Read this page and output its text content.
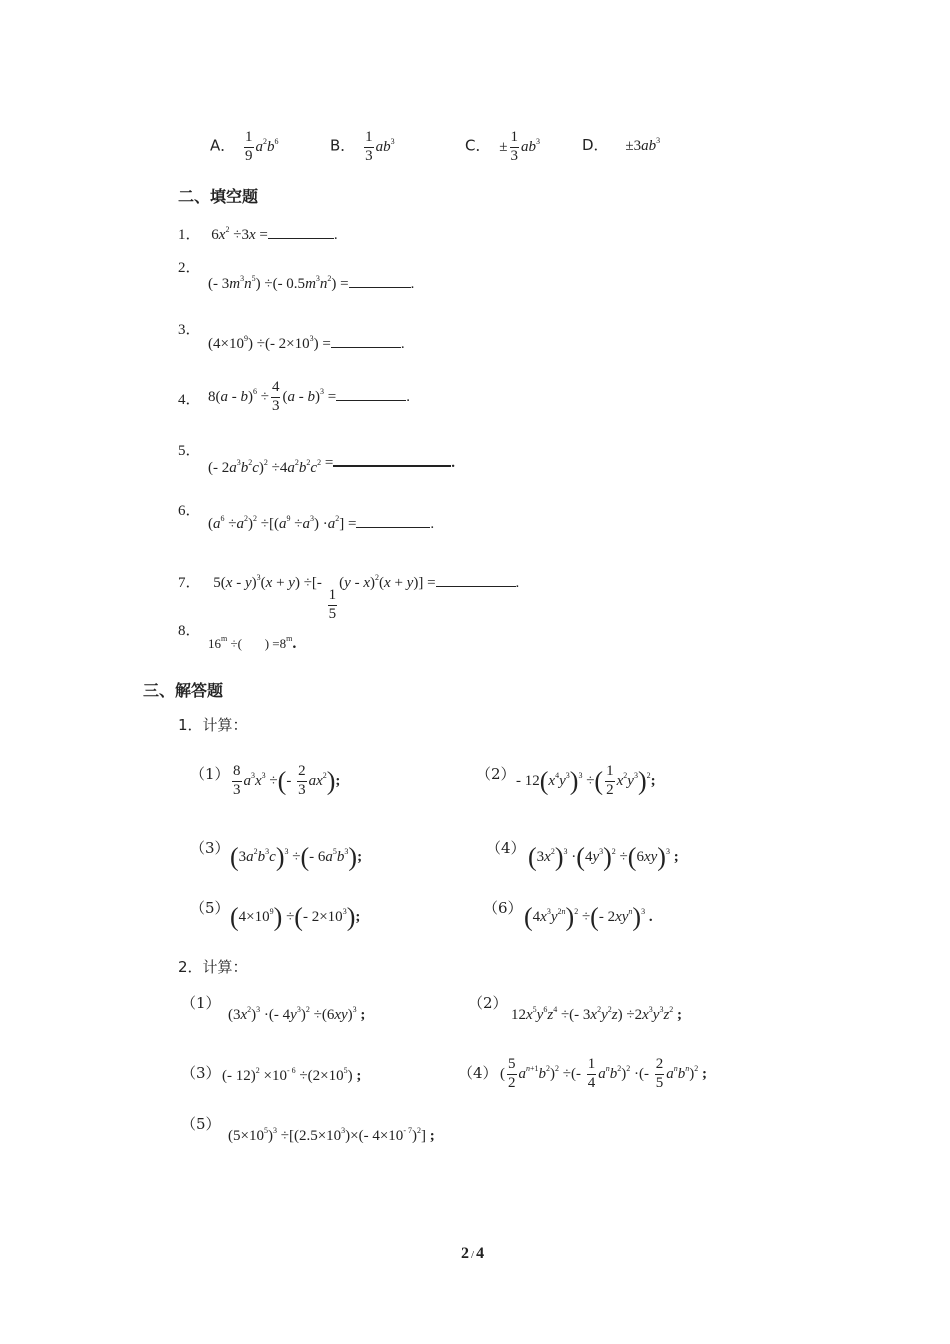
A． $\frac{1}{9} a^2b^6$	B． $\frac{1}{3} ab^3$	C． ± $\frac{1}{3} ab^3$	D． $\pm 3ab^3$
二、填空题
1． $6x^2 \div 3x$ =	.
2．
(- $3m^3n^5$) ÷(- $0.5m^3n^2$) =	.
3．
$(4\times 10^9)$ ÷(- $2\times 10^3$) =	.
4． $8(a - b)^6 \div \frac{4}{3} (a - b)^3$ =	.
5．
(- $2a^3b^2c)^2 \div 4a^2b^2c^2$ =	.
6．
$(a^6 \div a^2)^2 \div[(a^9 \div a^3) \cdot a^2]$ =	.
7． 5(x - y)$^3$(x + y) ÷[-
$\frac{1}{5}$
(y - x)$^2$(x + y)] =	.
8．
$16^m$ ÷(       ) $=8^m$.
三、解答题
1．计算：
$(1) \frac{8}{3} a^3x^3$ ÷(- $\frac{2}{3} ax^2$);	$(2) - 12(x^4y^3)^3$ ÷( $\frac{1}{2} x^2y^3)^2$;
（3） $(3a^2b^3c)^3$ ÷(- $6a^5b^3$);
（4） $(3x^2)^3 \cdot(4y^3)^2 \div(6xy)^3$ ;
（5） $(4\times 10^9)$ ÷(- $2\times 10^3$);
（6） $(4x^3y^{2n})^2$ ÷(- $2xy^n)^3$ .
2．计算：
（1）
$(3x^2)^3$ ·(- $4y^3)^2 \div(6xy)^3$ ;
（2）
$12x^5y^6z^4$ ÷(- $3x^2y^2z) \div 2x^3y^3z^2$ ;
（3） (- $12)^2 \times 10^{- 6} \div(2\times 10^5)$ ;	（4） ( $\frac{5}{2} a^{n+1}b^2)^2$ ÷(- $\frac{1}{4} a^nb^2)^2$ ·(- $\frac{2}{5} a^nb^n)^2$ ;
（5）
$(5\times 10^5)^3 \div[(2.5\times 10^3)\times(-$ $4\times 10^{- 7})^2$] ;
2 / 4
